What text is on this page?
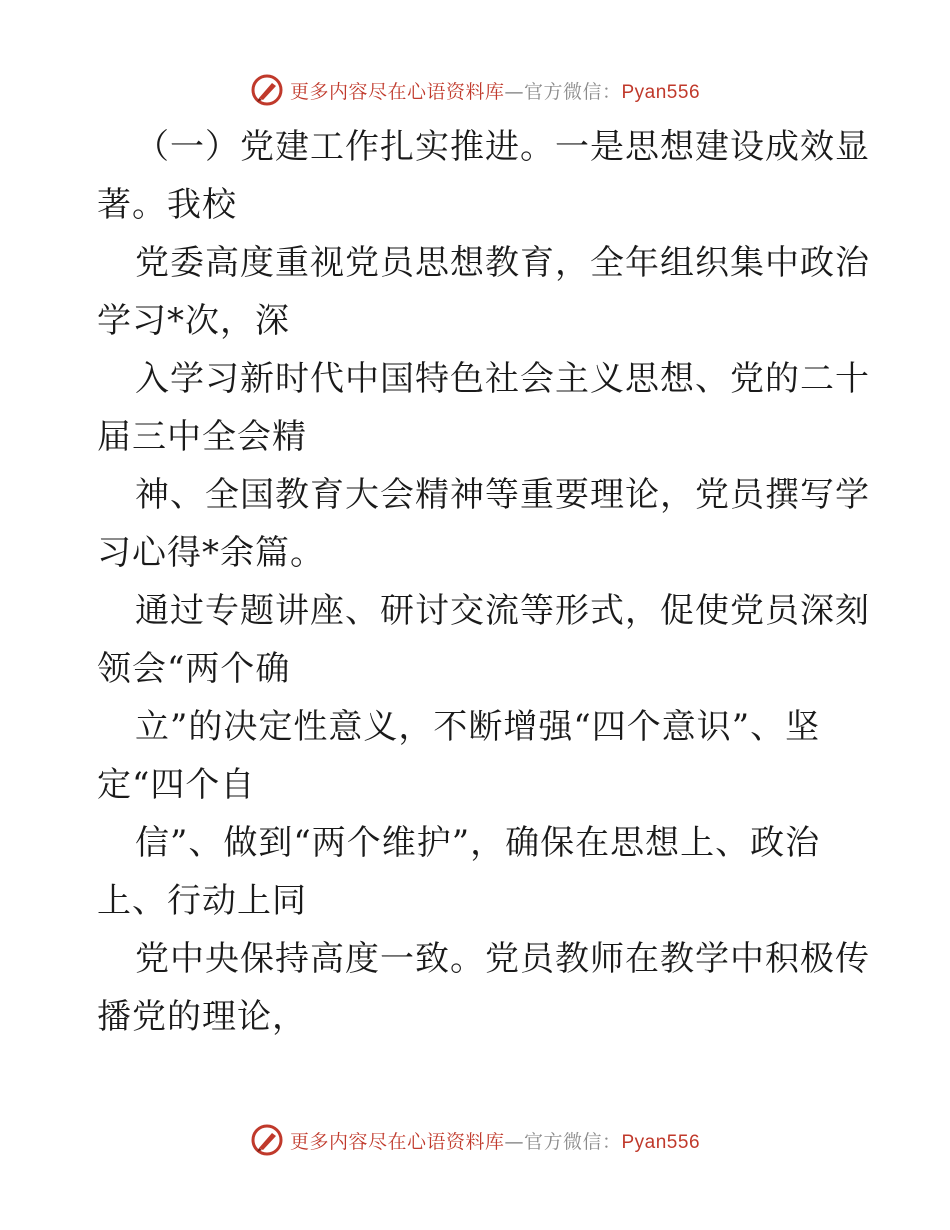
更多内容尽在心语资料库—官方微信：Pyan556
（一）党建工作扎实推进。一是思想建设成效显
著。我校
党委高度重视党员思想教育，全年组织集中政治
学习*次，深
入学习新时代中国特色社会主义思想、党的二十
届三中全会精
神、全国教育大会精神等重要理论，党员撰写学
习心得*余篇。
通过专题讲座、研讨交流等形式，促使党员深刻
领会“两个确
立”的决定性意义，不断增强“四个意识”、坚
定“四个自
信”、做到“两个维护”，确保在思想上、政治
上、行动上同
党中央保持高度一致。党员教师在教学中积极传
播党的理论，
更多内容尽在心语资料库—官方微信：Pyan556
